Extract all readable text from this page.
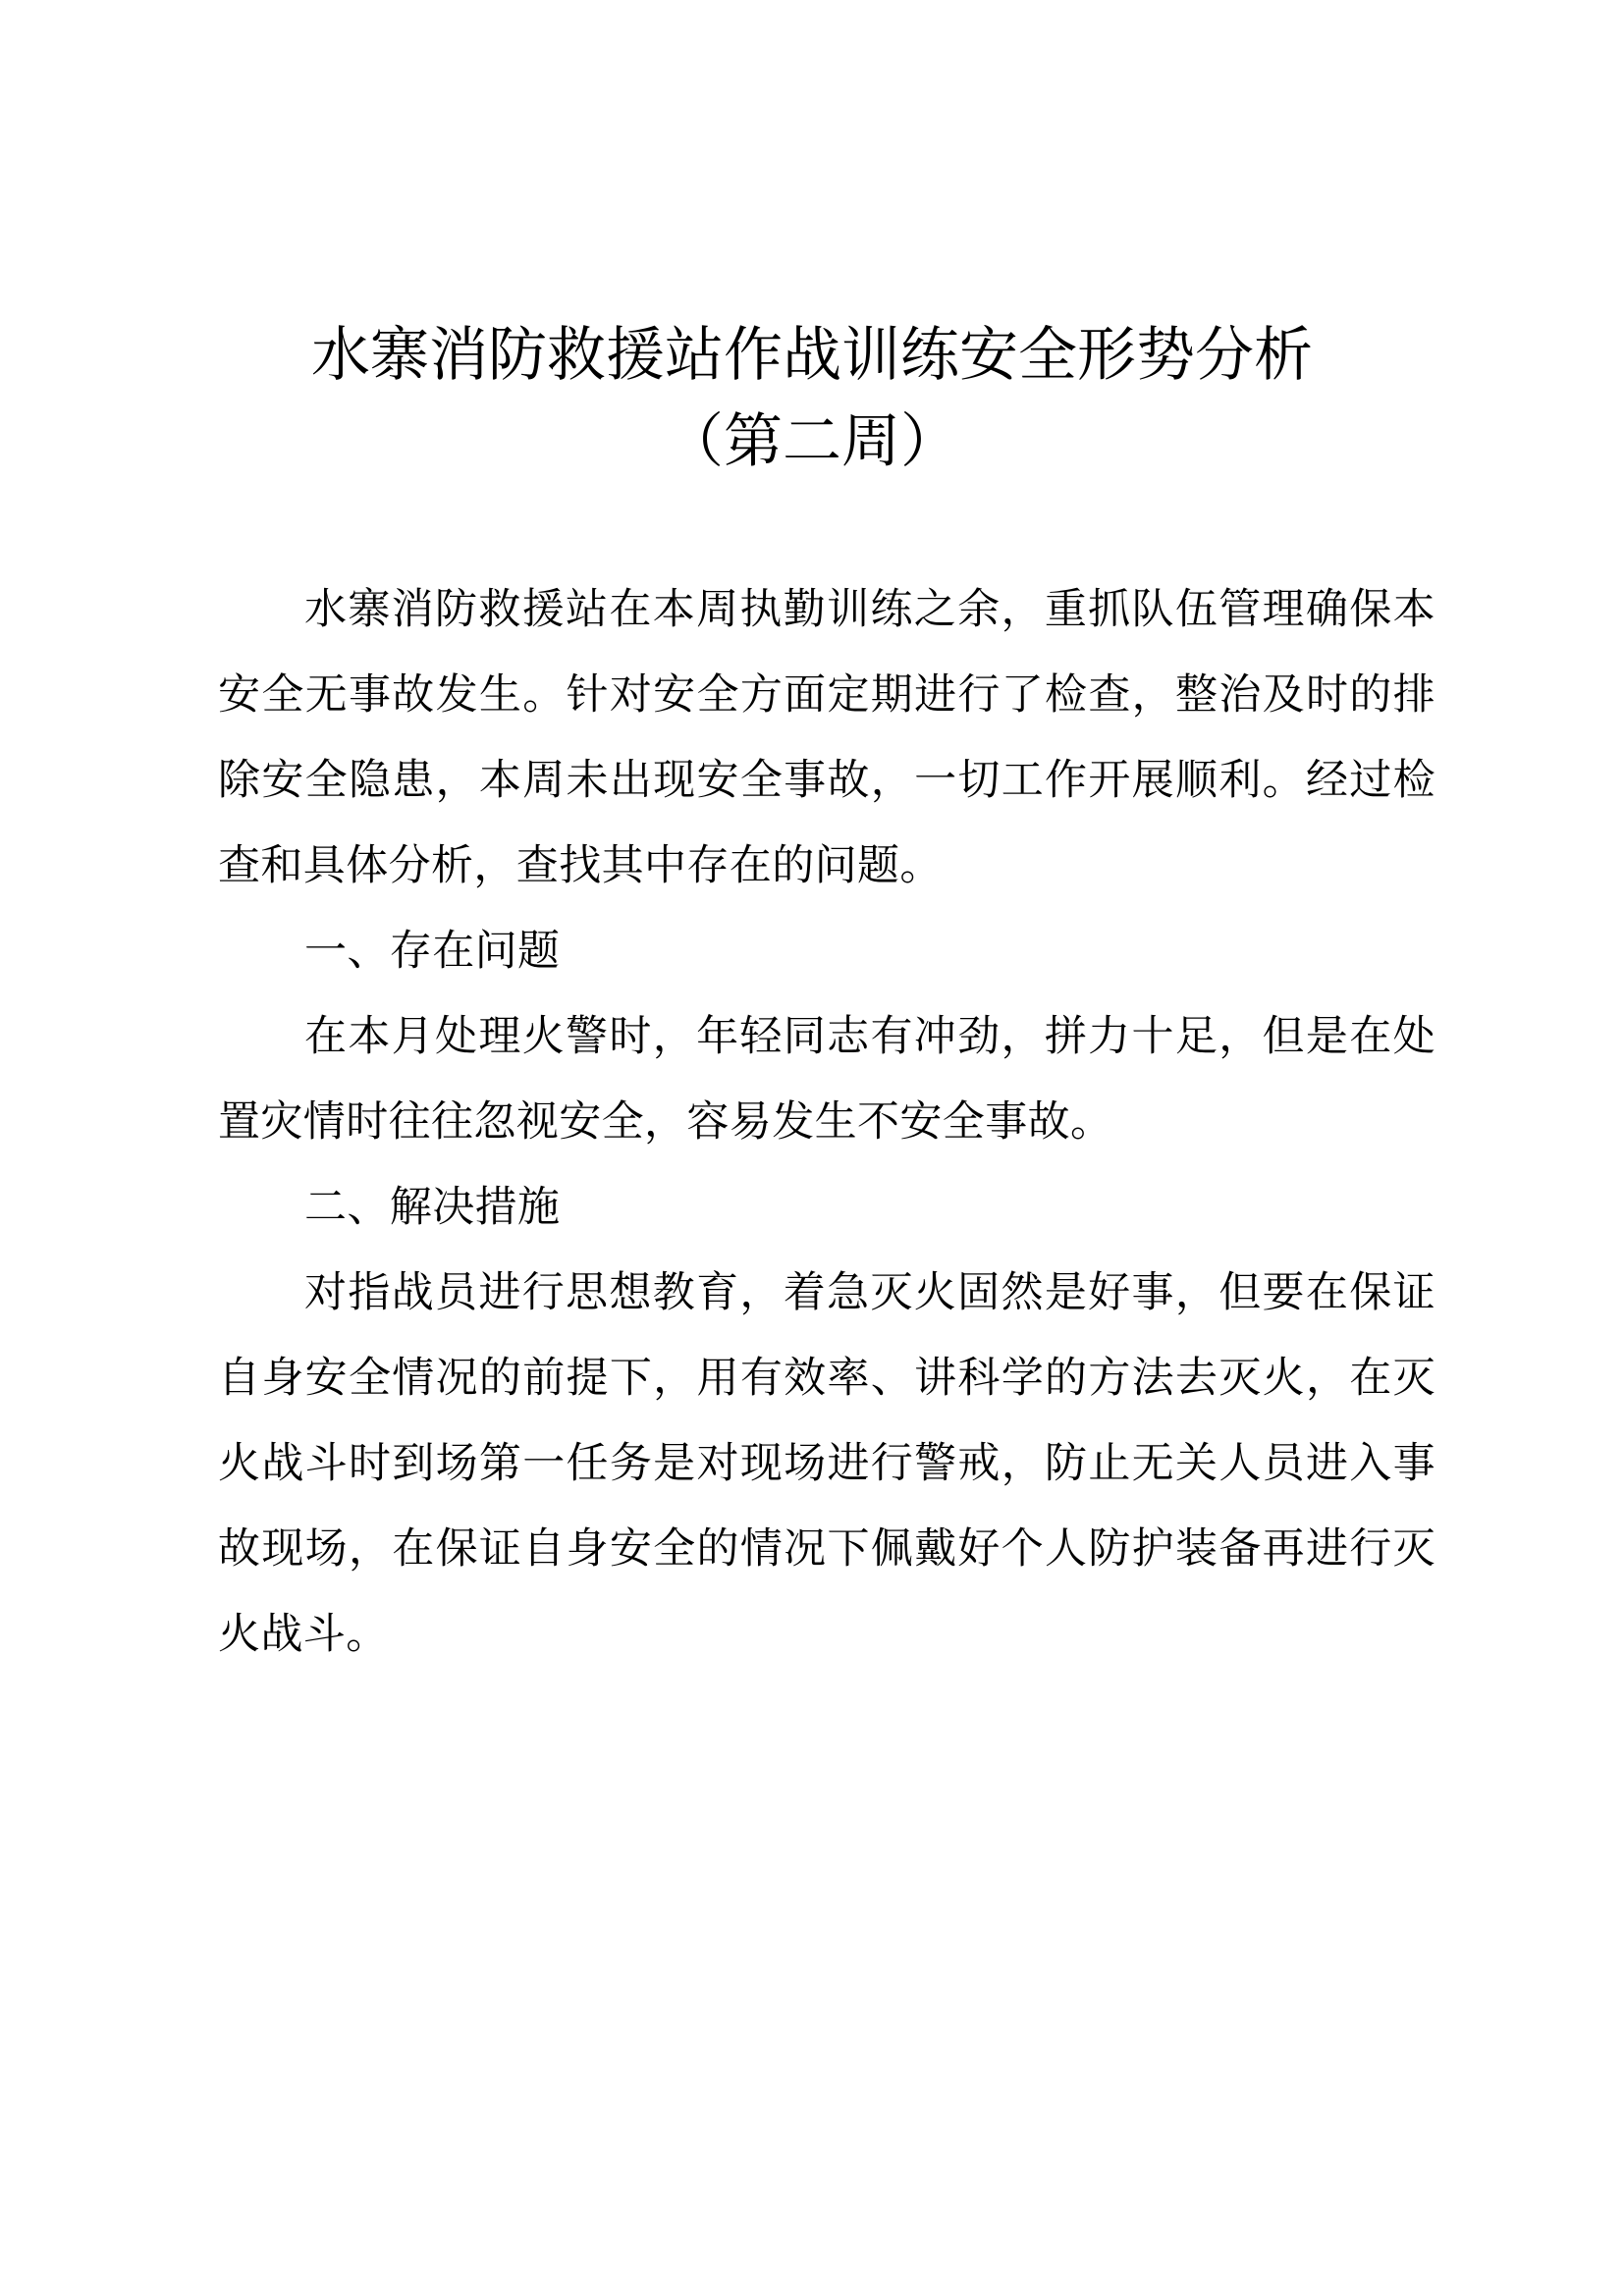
水寨消防救援站作战训练安全形势分析
（第二周）

水寨消防救援站在本周执勤训练之余，重抓队伍管理确保本安全无事故发生。针对安全方面定期进行了检查，整治及时的排除安全隐患，本周未出现安全事故，一切工作开展顺利。经过检查和具体分析，查找其中存在的问题。

一、存在问题

在本月处理火警时，年轻同志有冲劲，拼力十足，但是在处置灾情时往往忽视安全，容易发生不安全事故。

二、解决措施

对指战员进行思想教育，着急灭火固然是好事，但要在保证自身安全情况的前提下，用有效率、讲科学的方法去灭火，在灭火战斗时到场第一任务是对现场进行警戒，防止无关人员进入事故现场，在保证自身安全的情况下佩戴好个人防护装备再进行灭火战斗。
